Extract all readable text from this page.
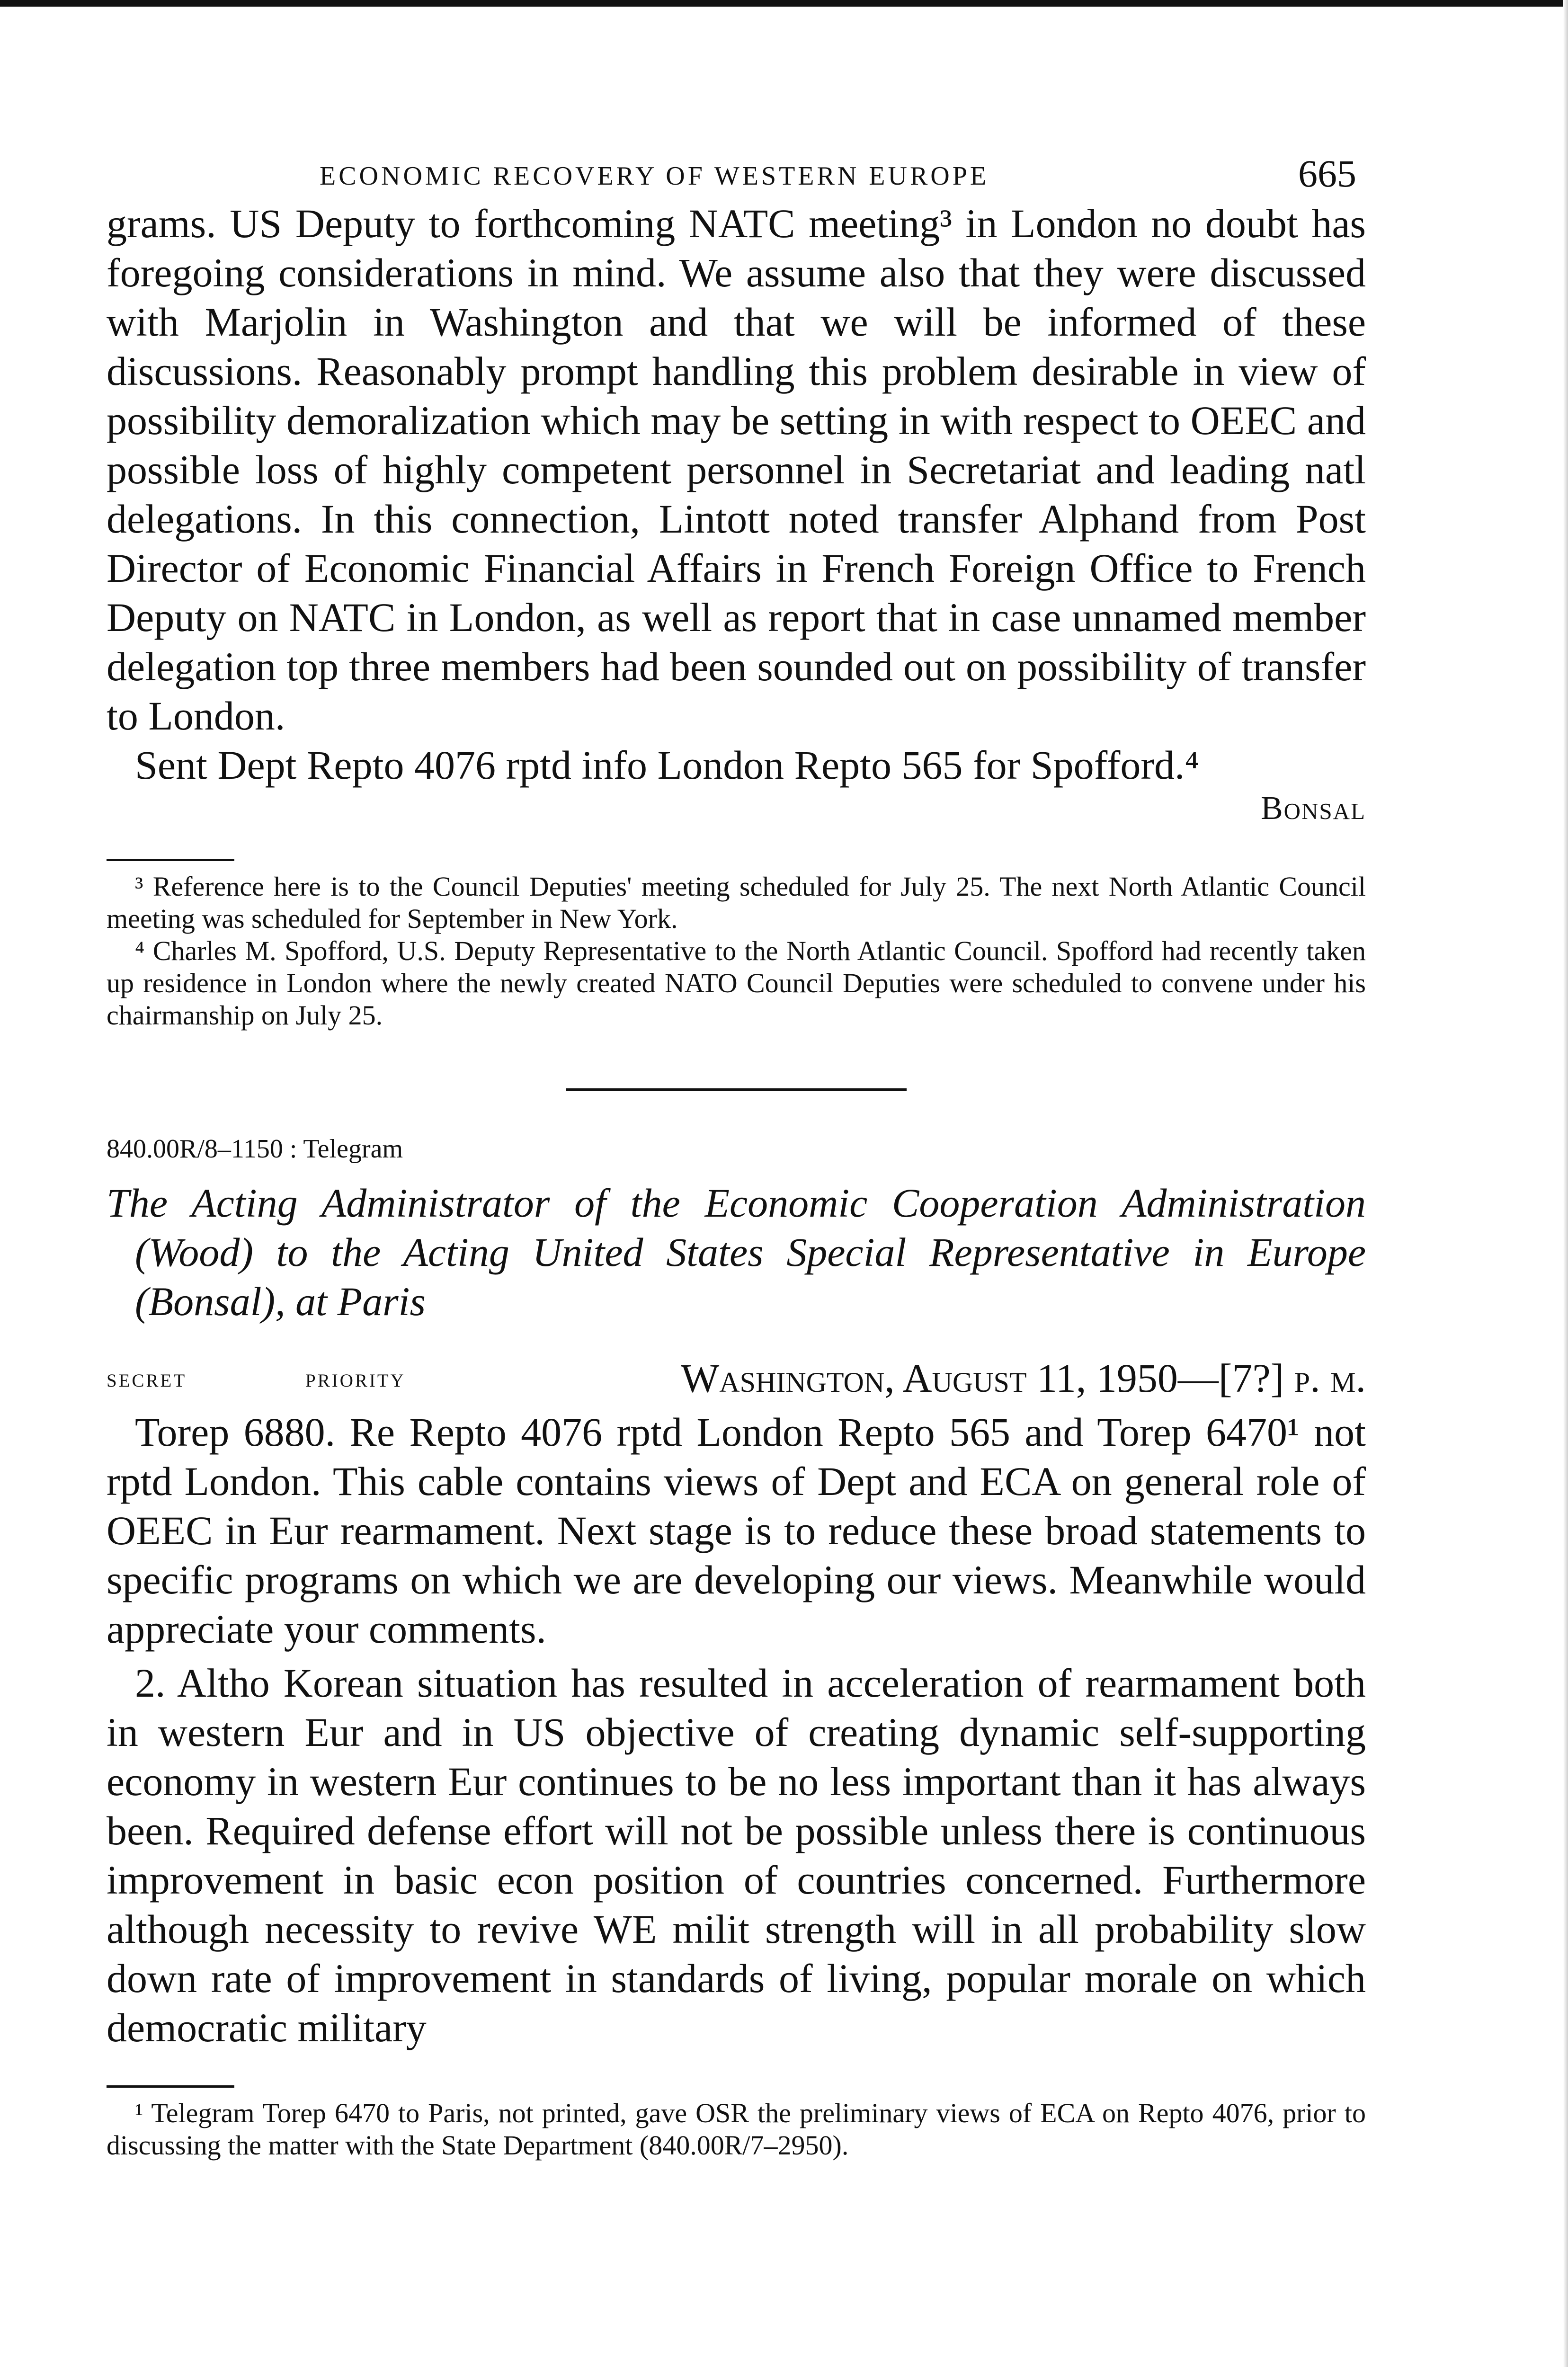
ECONOMIC RECOVERY OF WESTERN EUROPE	665

grams. US Deputy to forthcoming NATC meeting³ in London no doubt has foregoing considerations in mind. We assume also that they were discussed with Marjolin in Washington and that we will be informed of these discussions. Reasonably prompt handling this problem desirable in view of possibility demoralization which may be setting in with respect to OEEC and possible loss of highly competent personnel in Secretariat and leading natl delegations. In this connection, Lintott noted transfer Alphand from Post Director of Economic Financial Affairs in French Foreign Office to French Deputy on NATC in London, as well as report that in case unnamed member delegation top three members had been sounded out on possibility of transfer to London.

Sent Dept Repto 4076 rptd info London Repto 565 for Spofford.⁴

Bonsal

³ Reference here is to the Council Deputies' meeting scheduled for July 25. The next North Atlantic Council meeting was scheduled for September in New York.

⁴ Charles M. Spofford, U.S. Deputy Representative to the North Atlantic Council. Spofford had recently taken up residence in London where the newly created NATO Council Deputies were scheduled to convene under his chairmanship on July 25.

840.00R/8–1150 : Telegram

The Acting Administrator of the Economic Cooperation Administration (Wood) to the Acting United States Special Representative in Europe (Bonsal), at Paris

secret	priority	Washington, August 11, 1950—[7?] p. m.

Torep 6880. Re Repto 4076 rptd London Repto 565 and Torep 6470¹ not rptd London. This cable contains views of Dept and ECA on general role of OEEC in Eur rearmament. Next stage is to reduce these broad statements to specific programs on which we are developing our views. Meanwhile would appreciate your comments.

2. Altho Korean situation has resulted in acceleration of rearmament both in western Eur and in US objective of creating dynamic self-supporting economy in western Eur continues to be no less important than it has always been. Required defense effort will not be possible unless there is continuous improvement in basic econ position of countries concerned. Furthermore although necessity to revive WE milit strength will in all probability slow down rate of improvement in standards of living, popular morale on which democratic military

¹ Telegram Torep 6470 to Paris, not printed, gave OSR the preliminary views of ECA on Repto 4076, prior to discussing the matter with the State Department (840.00R/7–2950).
